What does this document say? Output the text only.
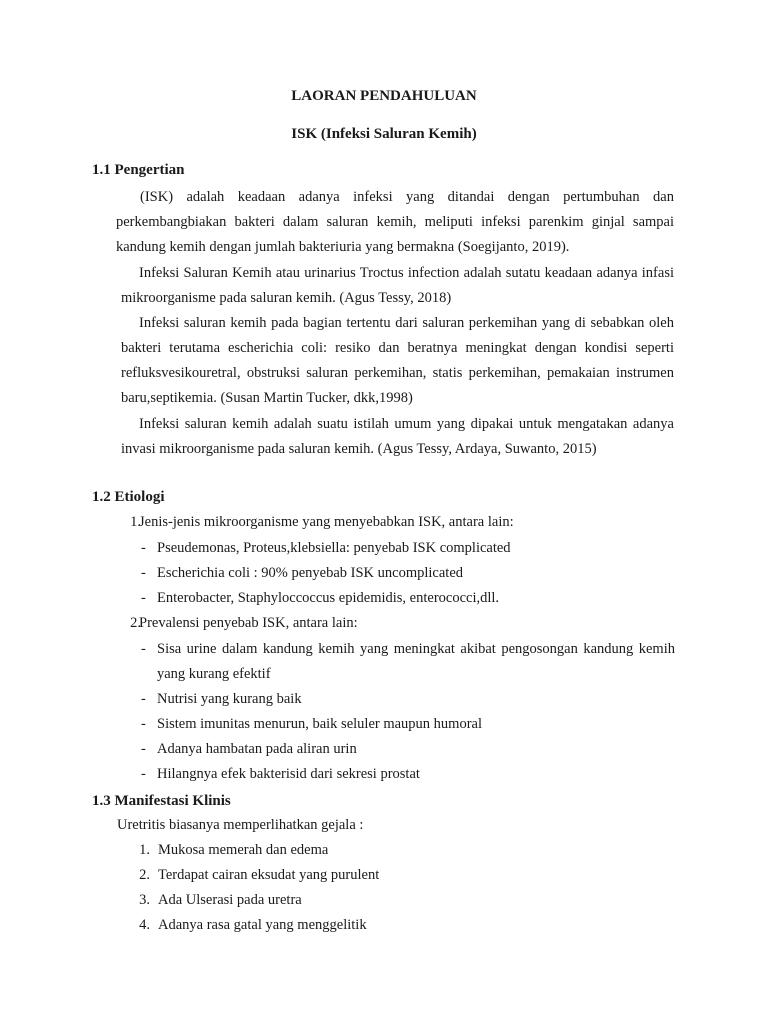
LAORAN PENDAHULUAN
ISK (Infeksi Saluran Kemih)
1.1 Pengertian
(ISK) adalah keadaan adanya infeksi yang ditandai dengan pertumbuhan dan perkembangbiakan bakteri dalam saluran kemih, meliputi infeksi parenkim ginjal sampai kandung kemih dengan jumlah bakteriuria yang bermakna (Soegijanto, 2019).
Infeksi Saluran Kemih atau urinarius Troctus infection adalah sutatu keadaan adanya infasi mikroorganisme pada saluran kemih. (Agus Tessy, 2018)
Infeksi saluran kemih pada bagian tertentu dari saluran perkemihan yang di sebabkan oleh bakteri terutama escherichia coli: resiko dan beratnya meningkat dengan kondisi seperti refluksvesikouretral, obstruksi saluran perkemihan, statis perkemihan, pemakaian instrumen baru,septikemia. (Susan Martin Tucker, dkk,1998)
Infeksi saluran kemih adalah suatu istilah umum yang dipakai untuk mengatakan adanya invasi mikroorganisme pada saluran kemih. (Agus Tessy, Ardaya, Suwanto, 2015)
1.2 Etiologi
1.
Jenis-jenis mikroorganisme yang menyebabkan ISK, antara lain:
- Pseudemonas, Proteus,klebsiella: penyebab ISK complicated
- Escherichia coli : 90% penyebab ISK uncomplicated
- Enterobacter, Staphyloccoccus epidemidis, enterococci,dll.
2.
Prevalensi penyebab ISK, antara lain:
- Sisa urine dalam kandung kemih yang meningkat akibat pengosongan kandung kemih yang kurang efektif
- Nutrisi yang kurang baik
- Sistem imunitas menurun, baik seluler maupun humoral
- Adanya hambatan pada aliran urin
- Hilangnya efek bakterisid dari sekresi prostat
1.3 Manifestasi Klinis
Uretritis biasanya memperlihatkan gejala :
1. Mukosa memerah dan edema
2. Terdapat cairan eksudat yang purulent
3. Ada Ulserasi pada uretra
4. Adanya rasa gatal yang menggelitik
